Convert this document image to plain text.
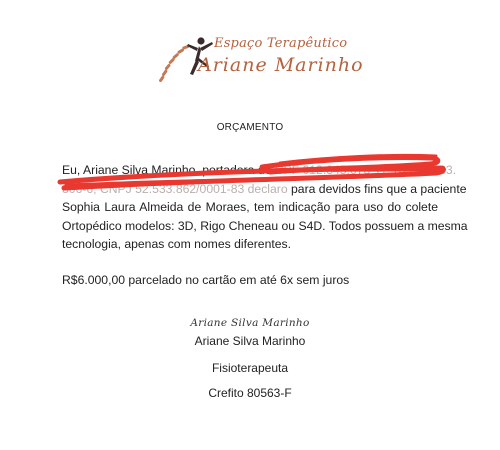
Espaço Terapêutico
Ariane Marinho
ORÇAMENTO
Eu, Ariane Silva Marinho, portadora do CPF 012.345.678-11, RG 33.333.
806-6, CNPJ 52.533.862/0001-83 declaro para devidos fins que a paciente
Sophia Laura Almeida de Moraes, tem indicação para uso do colete
Ortopédico modelos: 3D, Rigo Cheneau ou S4D. Todos possuem a mesma
tecnologia, apenas com nomes diferentes.
R$6.000,00 parcelado no cartão em até 6x sem juros
Ariane Silva Marinho
Ariane Silva Marinho
Fisioterapeuta
Crefito 80563-F
